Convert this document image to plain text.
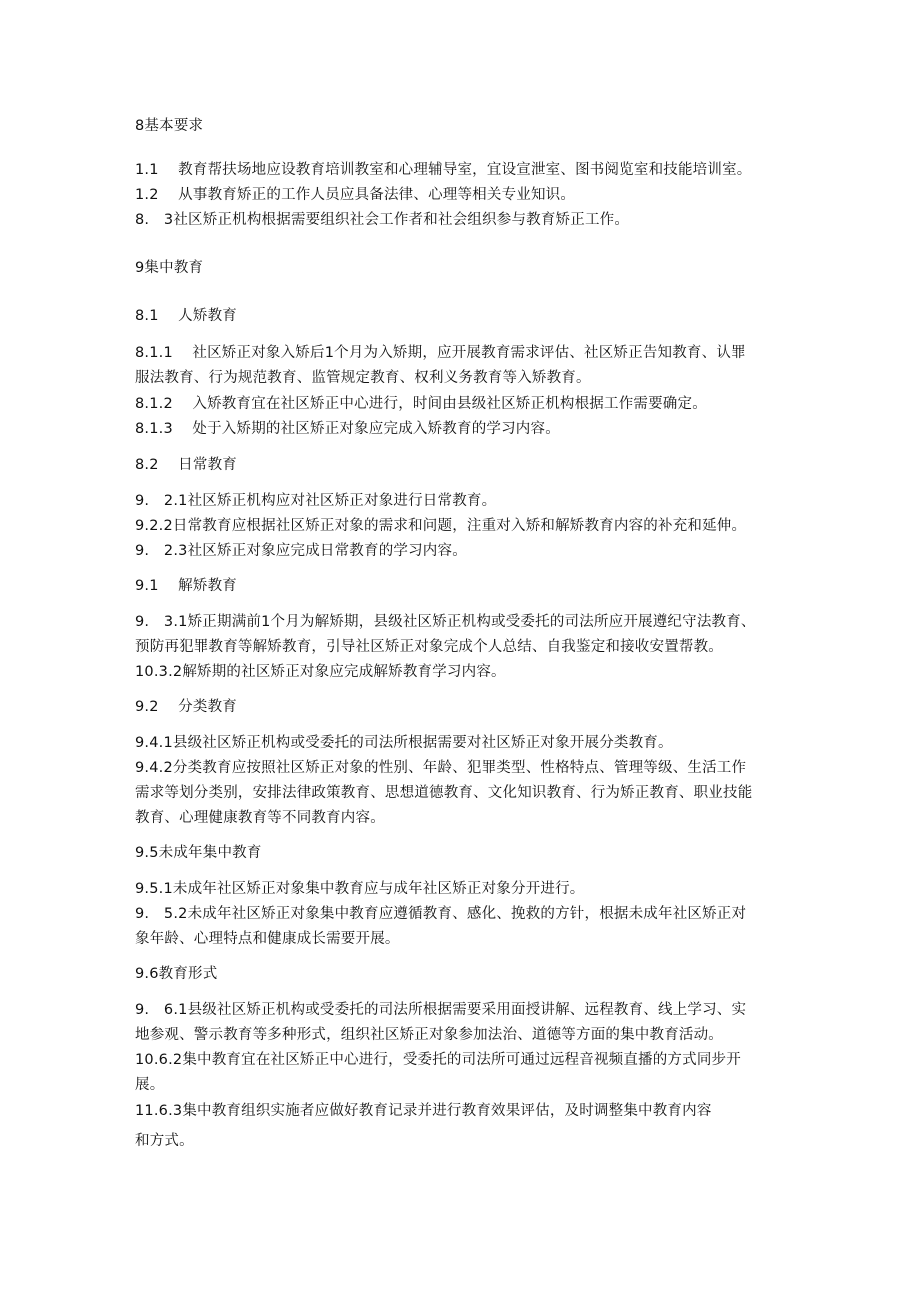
8基本要求
1.1　 教育帮扶场地应设教育培训教室和心理辅导室，宜设宣泄室、图书阅览室和技能培训室。
1.2　 从事教育矫正的工作人员应具备法律、心理等相关专业知识。
8.　3社区矫正机构根据需要组织社会工作者和社会组织参与教育矫正工作。
9集中教育
8.1　 人矫教育
8.1.1　 社区矫正对象入矫后1个月为入矫期，应开展教育需求评估、社区矫正告知教育、认罪
服法教育、行为规范教育、监管规定教育、权利义务教育等入矫教育。
8.1.2　 入矫教育宜在社区矫正中心进行，时间由县级社区矫正机构根据工作需要确定。
8.1.3　 处于入矫期的社区矫正对象应完成入矫教育的学习内容。
8.2　 日常教育
9.　2.1社区矫正机构应对社区矫正对象进行日常教育。
9.2.2日常教育应根据社区矫正对象的需求和问题，注重对入矫和解矫教育内容的补充和延伸。
9.　2.3社区矫正对象应完成日常教育的学习内容。
9.1　 解矫教育
9.　3.1矫正期满前1个月为解矫期，县级社区矫正机构或受委托的司法所应开展遵纪守法教育、
预防再犯罪教育等解矫教育，引导社区矫正对象完成个人总结、自我鉴定和接收安置帮教。
10.3.2解矫期的社区矫正对象应完成解矫教育学习内容。
9.2　 分类教育
9.4.1县级社区矫正机构或受委托的司法所根据需要对社区矫正对象开展分类教育。
9.4.2分类教育应按照社区矫正对象的性别、年龄、犯罪类型、性格特点、管理等级、生活工作
需求等划分类别，安排法律政策教育、思想道德教育、文化知识教育、行为矫正教育、职业技能
教育、心理健康教育等不同教育内容。
9.5未成年集中教育
9.5.1未成年社区矫正对象集中教育应与成年社区矫正对象分开进行。
9.　5.2未成年社区矫正对象集中教育应遵循教育、感化、挽救的方针，根据未成年社区矫正对
象年龄、心理特点和健康成长需要开展。
9.6教育形式
9.　6.1县级社区矫正机构或受委托的司法所根据需要采用面授讲解、远程教育、线上学习、实
地参观、警示教育等多种形式，组织社区矫正对象参加法治、道德等方面的集中教育活动。
10.6.2集中教育宜在社区矫正中心进行，受委托的司法所可通过远程音视频直播的方式同步开
展。
11.6.3集中教育组织实施者应做好教育记录并进行教育效果评估，及时调整集中教育内容
和方式。
